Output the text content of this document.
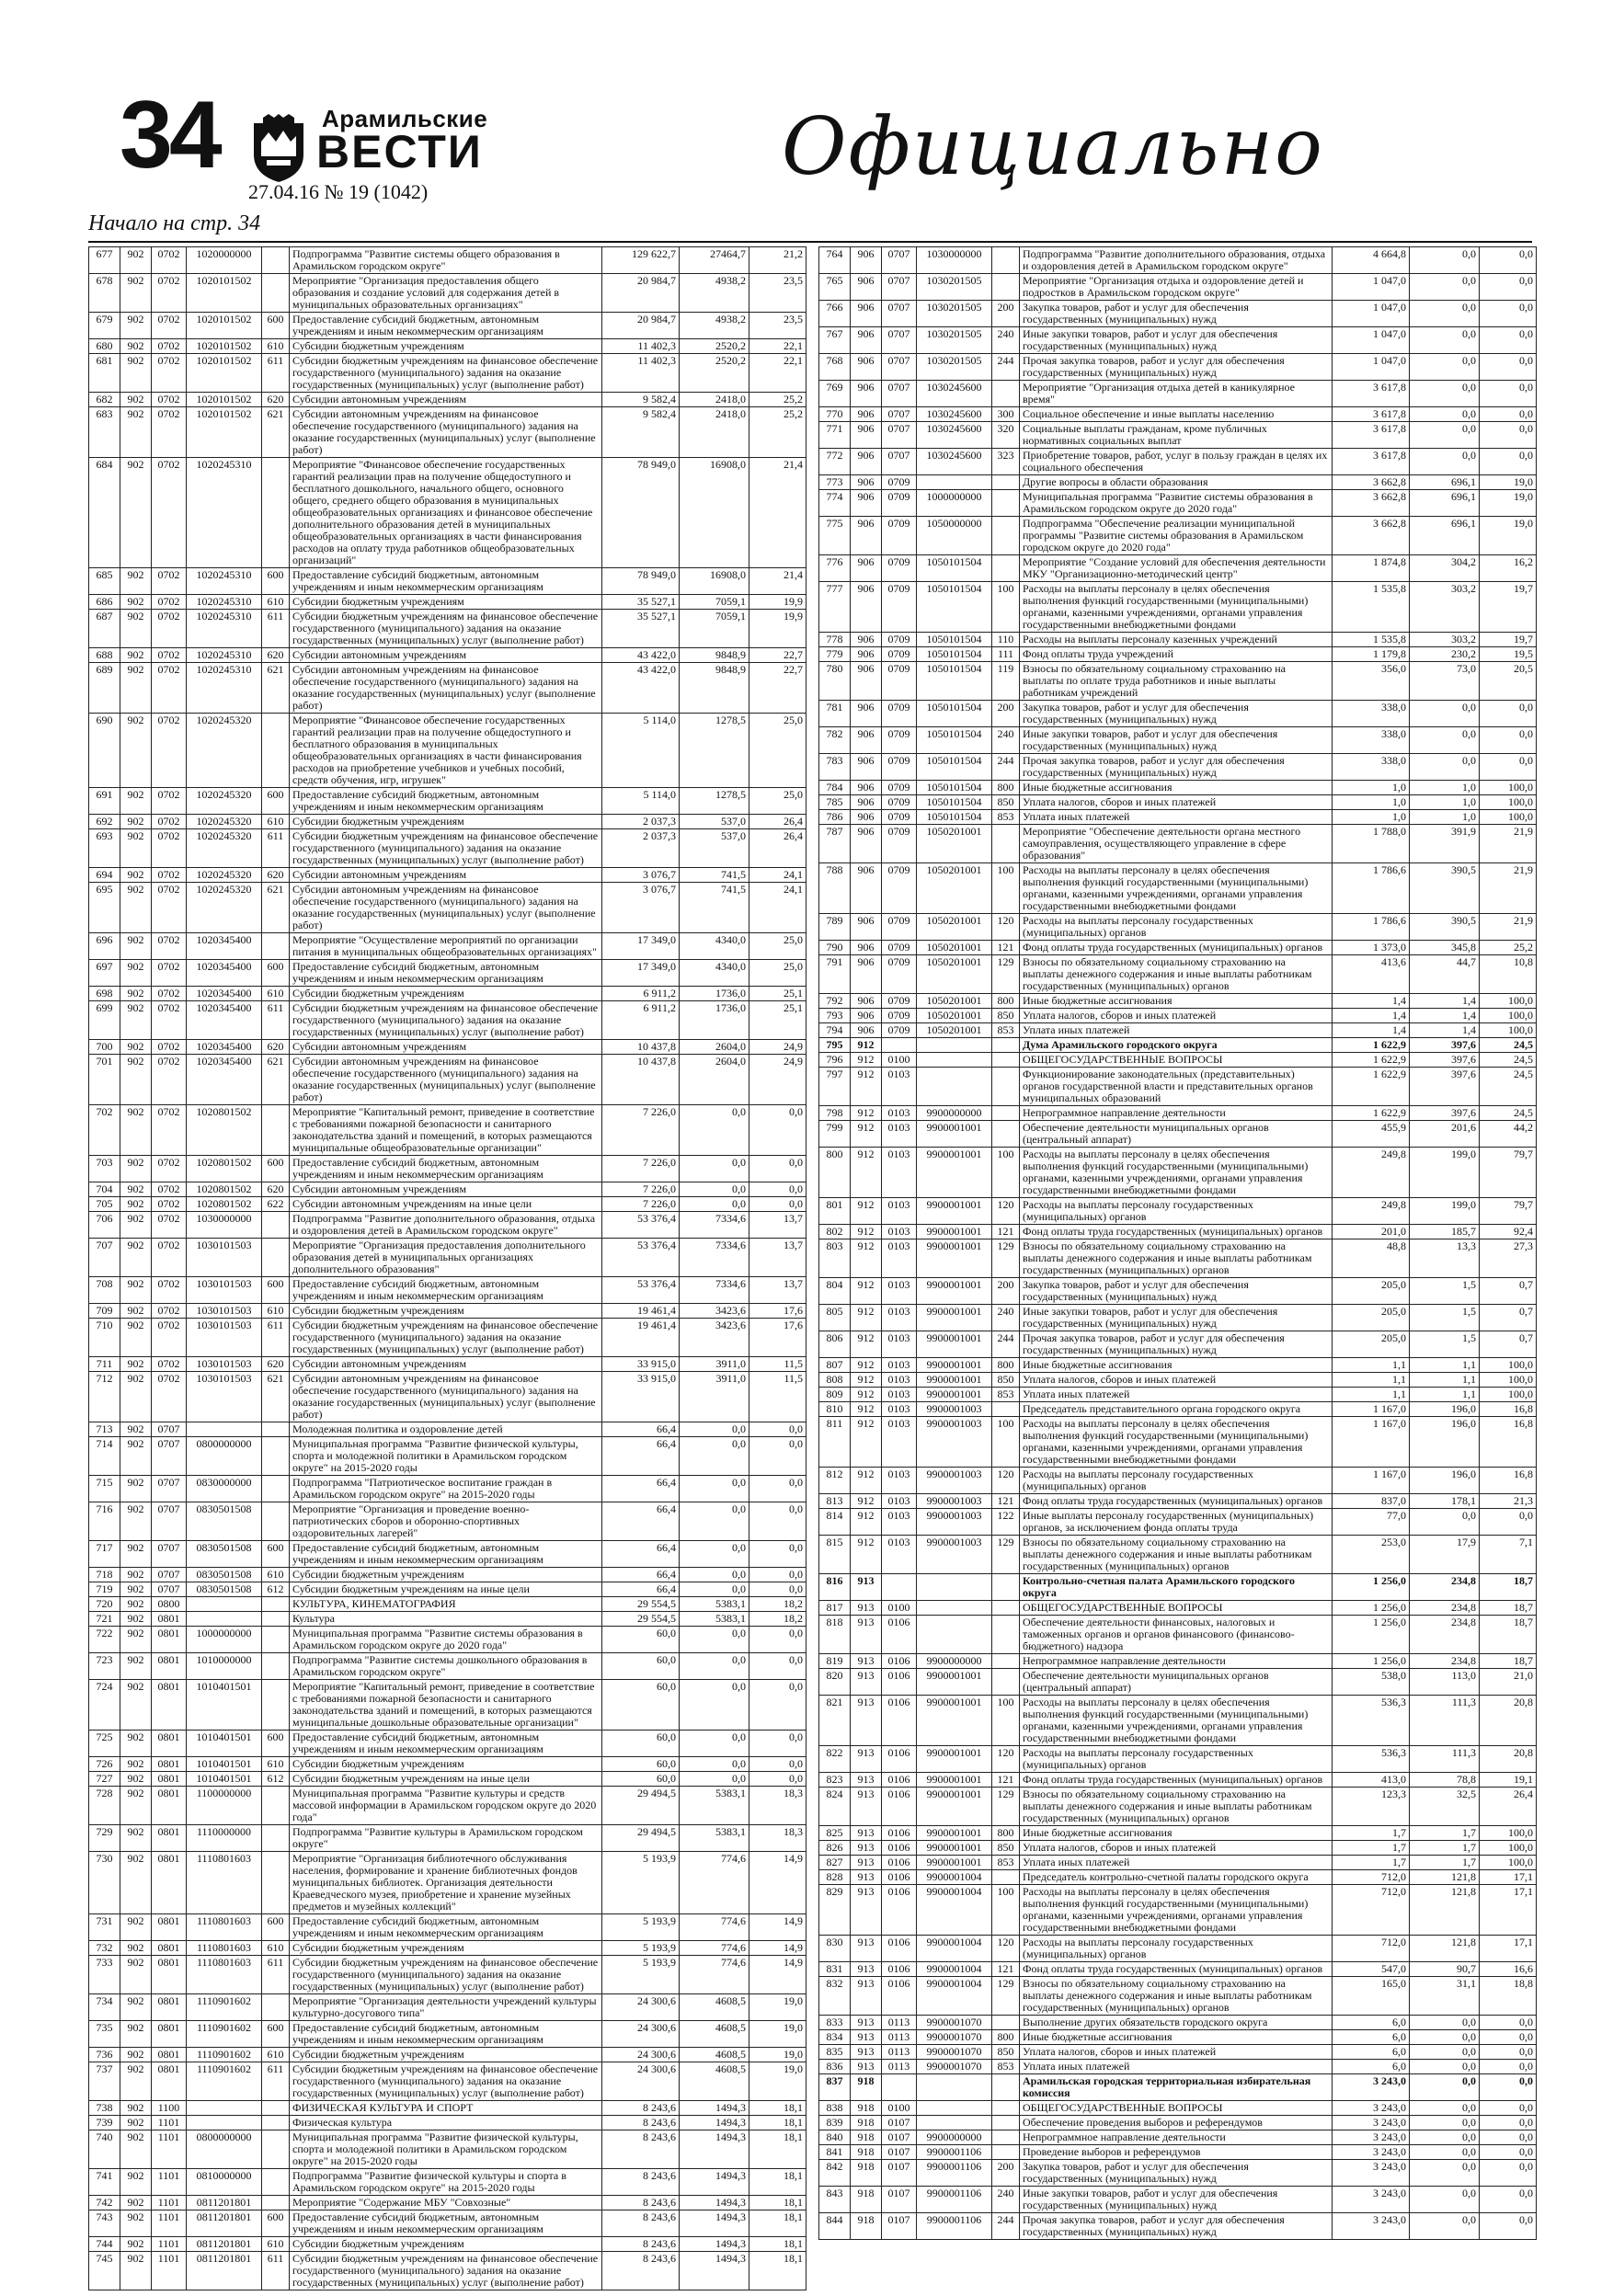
34	Арамильские
ВЕСТИ
27.04.16 № 19 (1042)	Официально
Начало на стр. 34
677	902	0702	1020000000		Подпрограмма "Развитие системы общего образования в Арамильском городском округе"	129 622,7	27464,7	21,2
678	902	0702	1020101502		Мероприятие "Организация предоставления общего образования и создание условий для содержания детей в муниципальных образовательных организациях"	20 984,7	4938,2	23,5
679	902	0702	1020101502	600	Предоставление субсидий бюджетным, автономным учреждениям и иным некоммерческим организациям	20 984,7	4938,2	23,5
680	902	0702	1020101502	610	Субсидии бюджетным учреждениям	11 402,3	2520,2	22,1
681	902	0702	1020101502	611	Субсидии бюджетным учреждениям на финансовое обеспечение государственного (муниципального) задания на оказание государственных (муниципальных) услуг (выполнение работ)	11 402,3	2520,2	22,1
682	902	0702	1020101502	620	Субсидии автономным учреждениям	9 582,4	2418,0	25,2
683	902	0702	1020101502	621	Субсидии автономным учреждениям на финансовое обеспечение государственного (муниципального) задания на оказание государственных (муниципальных) услуг (выполнение работ)	9 582,4	2418,0	25,2
684	902	0702	1020245310		Мероприятие "Финансовое обеспечение государственных гарантий реализации прав на получение общедоступного и бесплатного дошкольного, начального общего, основного общего, среднего общего образования в муниципальных общеобразовательных организациях и финансовое обеспечение дополнительного образования детей в муниципальных общеобразовательных организациях в части финансирования расходов на оплату труда работников общеобразовательных организаций"	78 949,0	16908,0	21,4
685	902	0702	1020245310	600	Предоставление субсидий бюджетным, автономным учреждениям и иным некоммерческим организациям	78 949,0	16908,0	21,4
686	902	0702	1020245310	610	Субсидии бюджетным учреждениям	35 527,1	7059,1	19,9
687	902	0702	1020245310	611	Субсидии бюджетным учреждениям на финансовое обеспечение государственного (муниципального) задания на оказание государственных (муниципальных) услуг (выполнение работ)	35 527,1	7059,1	19,9
688	902	0702	1020245310	620	Субсидии автономным учреждениям	43 422,0	9848,9	22,7
689	902	0702	1020245310	621	Субсидии автономным учреждениям на финансовое обеспечение государственного (муниципального) задания на оказание государственных (муниципальных) услуг (выполнение работ)	43 422,0	9848,9	22,7
690	902	0702	1020245320		Мероприятие "Финансовое обеспечение государственных гарантий реализации прав на получение общедоступного и бесплатного образования в муниципальных общеобразовательных организациях в части финансирования расходов на приобретение учебников и учебных пособий, средств обучения, игр, игрушек"	5 114,0	1278,5	25,0
691	902	0702	1020245320	600	Предоставление субсидий бюджетным, автономным учреждениям и иным некоммерческим организациям	5 114,0	1278,5	25,0
692	902	0702	1020245320	610	Субсидии бюджетным учреждениям	2 037,3	537,0	26,4
693	902	0702	1020245320	611	Субсидии бюджетным учреждениям на финансовое обеспечение государственного (муниципального) задания на оказание государственных (муниципальных) услуг (выполнение работ)	2 037,3	537,0	26,4
694	902	0702	1020245320	620	Субсидии автономным учреждениям	3 076,7	741,5	24,1
695	902	0702	1020245320	621	Субсидии автономным учреждениям на финансовое обеспечение государственного (муниципального) задания на оказание государственных (муниципальных) услуг (выполнение работ)	3 076,7	741,5	24,1
696	902	0702	1020345400		Мероприятие "Осуществление мероприятий по организации питания в муниципальных общеобразовательных организациях"	17 349,0	4340,0	25,0
697	902	0702	1020345400	600	Предоставление субсидий бюджетным, автономным учреждениям и иным некоммерческим организациям	17 349,0	4340,0	25,0
698	902	0702	1020345400	610	Субсидии бюджетным учреждениям	6 911,2	1736,0	25,1
699	902	0702	1020345400	611	Субсидии бюджетным учреждениям на финансовое обеспечение государственного (муниципального) задания на оказание государственных (муниципальных) услуг (выполнение работ)	6 911,2	1736,0	25,1
700	902	0702	1020345400	620	Субсидии автономным учреждениям	10 437,8	2604,0	24,9
701	902	0702	1020345400	621	Субсидии автономным учреждениям на финансовое обеспечение государственного (муниципального) задания на оказание государственных (муниципальных) услуг (выполнение работ)	10 437,8	2604,0	24,9
702	902	0702	1020801502		Мероприятие "Капитальный ремонт, приведение в соответствие с требованиями пожарной безопасности и санитарного законодательства зданий и помещений, в которых размещаются муниципальные общеобразовательные организации"	7 226,0	0,0	0,0
703	902	0702	1020801502	600	Предоставление субсидий бюджетным, автономным учреждениям и иным некоммерческим организациям	7 226,0	0,0	0,0
704	902	0702	1020801502	620	Субсидии автономным учреждениям	7 226,0	0,0	0,0
705	902	0702	1020801502	622	Субсидии автономным учреждениям на иные цели	7 226,0	0,0	0,0
706	902	0702	1030000000		Подпрограмма "Развитие дополнительного образования, отдыха и оздоровления детей в Арамильском городском округе"	53 376,4	7334,6	13,7
707	902	0702	1030101503		Мероприятие "Организация предоставления дополнительного образования детей в муниципальных организациях дополнительного образования"	53 376,4	7334,6	13,7
708	902	0702	1030101503	600	Предоставление субсидий бюджетным, автономным учреждениям и иным некоммерческим организациям	53 376,4	7334,6	13,7
709	902	0702	1030101503	610	Субсидии бюджетным учреждениям	19 461,4	3423,6	17,6
710	902	0702	1030101503	611	Субсидии бюджетным учреждениям на финансовое обеспечение государственного (муниципального) задания на оказание государственных (муниципальных) услуг (выполнение работ)	19 461,4	3423,6	17,6
711	902	0702	1030101503	620	Субсидии автономным учреждениям	33 915,0	3911,0	11,5
712	902	0702	1030101503	621	Субсидии автономным учреждениям на финансовое обеспечение государственного (муниципального) задания на оказание государственных (муниципальных) услуг (выполнение работ)	33 915,0	3911,0	11,5
713	902	0707			Молодежная политика и оздоровление детей	66,4	0,0	0,0
714	902	0707	0800000000		Муниципальная программа "Развитие физической культуры, спорта и молодежной политики в Арамильском городском округе" на 2015-2020 годы	66,4	0,0	0,0
715	902	0707	0830000000		Подпрограмма "Патриотическое воспитание граждан в Арамильском городском округе" на 2015-2020 годы	66,4	0,0	0,0
716	902	0707	0830501508		Мероприятие "Организация и проведение военно-патриотических сборов и оборонно-спортивных оздоровительных лагерей"	66,4	0,0	0,0
717	902	0707	0830501508	600	Предоставление субсидий бюджетным, автономным учреждениям и иным некоммерческим организациям	66,4	0,0	0,0
718	902	0707	0830501508	610	Субсидии бюджетным учреждениям	66,4	0,0	0,0
719	902	0707	0830501508	612	Субсидии бюджетным учреждениям на иные цели	66,4	0,0	0,0
720	902	0800			КУЛЬТУРА, КИНЕМАТОГРАФИЯ	29 554,5	5383,1	18,2
721	902	0801			Культура	29 554,5	5383,1	18,2
722	902	0801	1000000000		Муниципальная программа "Развитие системы образования в Арамильском городском округе до 2020 года"	60,0	0,0	0,0
723	902	0801	1010000000		Подпрограмма "Развитие системы дошкольного образования в Арамильском городском округе"	60,0	0,0	0,0
724	902	0801	1010401501		Мероприятие "Капитальный ремонт, приведение в соответствие с требованиями пожарной безопасности и санитарного законодательства зданий и помещений, в которых размещаются муниципальные дошкольные образовательные организации"	60,0	0,0	0,0
725	902	0801	1010401501	600	Предоставление субсидий бюджетным, автономным учреждениям и иным некоммерческим организациям	60,0	0,0	0,0
726	902	0801	1010401501	610	Субсидии бюджетным учреждениям	60,0	0,0	0,0
727	902	0801	1010401501	612	Субсидии бюджетным учреждениям на иные цели	60,0	0,0	0,0
728	902	0801	1100000000		Муниципальная программа "Развитие культуры и средств массовой информации в Арамильском городском округе до 2020 года"	29 494,5	5383,1	18,3
729	902	0801	1110000000		Подпрограмма "Развитие культуры в Арамильском городском округе"	29 494,5	5383,1	18,3
730	902	0801	1110801603		Мероприятие "Организация библиотечного обслуживания населения, формирование и хранение библиотечных фондов муниципальных библиотек. Организация деятельности Краеведческого музея, приобретение и хранение музейных предметов и музейных коллекций"	5 193,9	774,6	14,9
731	902	0801	1110801603	600	Предоставление субсидий бюджетным, автономным учреждениям и иным некоммерческим организациям	5 193,9	774,6	14,9
732	902	0801	1110801603	610	Субсидии бюджетным учреждениям	5 193,9	774,6	14,9
733	902	0801	1110801603	611	Субсидии бюджетным учреждениям на финансовое обеспечение государственного (муниципального) задания на оказание государственных (муниципальных) услуг (выполнение работ)	5 193,9	774,6	14,9
734	902	0801	1110901602		Мероприятие "Организация деятельности учреждений культуры культурно-досугового типа"	24 300,6	4608,5	19,0
735	902	0801	1110901602	600	Предоставление субсидий бюджетным, автономным учреждениям и иным некоммерческим организациям	24 300,6	4608,5	19,0
736	902	0801	1110901602	610	Субсидии бюджетным учреждениям	24 300,6	4608,5	19,0
737	902	0801	1110901602	611	Субсидии бюджетным учреждениям на финансовое обеспечение государственного (муниципального) задания на оказание государственных (муниципальных) услуг (выполнение работ)	24 300,6	4608,5	19,0
738	902	1100			ФИЗИЧЕСКАЯ КУЛЬТУРА И СПОРТ	8 243,6	1494,3	18,1
739	902	1101			Физическая культура	8 243,6	1494,3	18,1
740	902	1101	0800000000		Муниципальная программа "Развитие физической культуры, спорта и молодежной политики в Арамильском городском округе" на 2015-2020 годы	8 243,6	1494,3	18,1
741	902	1101	0810000000		Подпрограмма "Развитие физической культуры и спорта в Арамильском городском округе" на 2015-2020 годы	8 243,6	1494,3	18,1
742	902	1101	0811201801		Мероприятие "Содержание МБУ "Совхозные"	8 243,6	1494,3	18,1
743	902	1101	0811201801	600	Предоставление субсидий бюджетным, автономным учреждениям и иным некоммерческим организациям	8 243,6	1494,3	18,1
744	902	1101	0811201801	610	Субсидии бюджетным учреждениям	8 243,6	1494,3	18,1
745	902	1101	0811201801	611	Субсидии бюджетным учреждениям на финансовое обеспечение государственного (муниципального) задания на оказание государственных (муниципальных) услуг (выполнение работ)	8 243,6	1494,3	18,1
764	906	0707	1030000000		Подпрограмма "Развитие дополнительного образования, отдыха и оздоровления детей в Арамильском городском округе"	4 664,8	0,0	0,0
765	906	0707	1030201505		Мероприятие "Организация отдыха и оздоровление детей и подростков в Арамильском городском округе"	1 047,0	0,0	0,0
766	906	0707	1030201505	200	Закупка товаров, работ и услуг для обеспечения государственных (муниципальных) нужд	1 047,0	0,0	0,0
767	906	0707	1030201505	240	Иные закупки товаров, работ и услуг для обеспечения государственных (муниципальных) нужд	1 047,0	0,0	0,0
768	906	0707	1030201505	244	Прочая закупка товаров, работ и услуг для обеспечения государственных (муниципальных) нужд	1 047,0	0,0	0,0
769	906	0707	1030245600		Мероприятие "Организация отдыха детей в каникулярное время"	3 617,8	0,0	0,0
770	906	0707	1030245600	300	Социальное обеспечение и иные выплаты населению	3 617,8	0,0	0,0
771	906	0707	1030245600	320	Социальные выплаты гражданам, кроме публичных нормативных социальных выплат	3 617,8	0,0	0,0
772	906	0707	1030245600	323	Приобретение товаров, работ, услуг в пользу граждан в целях их социального обеспечения	3 617,8	0,0	0,0
773	906	0709			Другие вопросы в области образования	3 662,8	696,1	19,0
774	906	0709	1000000000		Муниципальная программа "Развитие системы образования в Арамильском городском округе до 2020 года"	3 662,8	696,1	19,0
775	906	0709	1050000000		Подпрограмма "Обеспечение реализации муниципальной программы "Развитие системы образования в Арамильском городском округе до 2020 года"	3 662,8	696,1	19,0
776	906	0709	1050101504		Мероприятие "Создание условий для обеспечения деятельности МКУ "Организационно-методический центр"	1 874,8	304,2	16,2
777	906	0709	1050101504	100	Расходы на выплаты персоналу в целях обеспечения выполнения функций государственными (муниципальными) органами, казенными учреждениями, органами управления государственными внебюджетными фондами	1 535,8	303,2	19,7
778	906	0709	1050101504	110	Расходы на выплаты персоналу казенных учреждений	1 535,8	303,2	19,7
779	906	0709	1050101504	111	Фонд оплаты труда учреждений	1 179,8	230,2	19,5
780	906	0709	1050101504	119	Взносы по обязательному социальному страхованию на выплаты по оплате труда работников и иные выплаты работникам учреждений	356,0	73,0	20,5
781	906	0709	1050101504	200	Закупка товаров, работ и услуг для обеспечения государственных (муниципальных) нужд	338,0	0,0	0,0
782	906	0709	1050101504	240	Иные закупки товаров, работ и услуг для обеспечения государственных (муниципальных) нужд	338,0	0,0	0,0
783	906	0709	1050101504	244	Прочая закупка товаров, работ и услуг для обеспечения государственных (муниципальных) нужд	338,0	0,0	0,0
784	906	0709	1050101504	800	Иные бюджетные ассигнования	1,0	1,0	100,0
785	906	0709	1050101504	850	Уплата налогов, сборов и иных платежей	1,0	1,0	100,0
786	906	0709	1050101504	853	Уплата иных платежей	1,0	1,0	100,0
787	906	0709	1050201001		Мероприятие "Обеспечение деятельности органа местного самоуправления, осуществляющего управление в сфере образования"	1 788,0	391,9	21,9
788	906	0709	1050201001	100	Расходы на выплаты персоналу в целях обеспечения выполнения функций государственными (муниципальными) органами, казенными учреждениями, органами управления государственными внебюджетными фондами	1 786,6	390,5	21,9
789	906	0709	1050201001	120	Расходы на выплаты персоналу государственных (муниципальных) органов	1 786,6	390,5	21,9
790	906	0709	1050201001	121	Фонд оплаты труда государственных (муниципальных) органов	1 373,0	345,8	25,2
791	906	0709	1050201001	129	Взносы по обязательному социальному страхованию на выплаты денежного содержания и иные выплаты работникам государственных (муниципальных) органов	413,6	44,7	10,8
792	906	0709	1050201001	800	Иные бюджетные ассигнования	1,4	1,4	100,0
793	906	0709	1050201001	850	Уплата налогов, сборов и иных платежей	1,4	1,4	100,0
794	906	0709	1050201001	853	Уплата иных платежей	1,4	1,4	100,0
795	912				Дума Арамильского городского округа	1 622,9	397,6	24,5
796	912	0100			ОБЩЕГОСУДАРСТВЕННЫЕ ВОПРОСЫ	1 622,9	397,6	24,5
797	912	0103			Функционирование законодательных (представительных) органов государственной власти и представительных органов муниципальных образований	1 622,9	397,6	24,5
798	912	0103	9900000000		Непрограммное направление деятельности	1 622,9	397,6	24,5
799	912	0103	9900001001		Обеспечение деятельности муниципальных органов (центральный аппарат)	455,9	201,6	44,2
800	912	0103	9900001001	100	Расходы на выплаты персоналу в целях обеспечения выполнения функций государственными (муниципальными) органами, казенными учреждениями, органами управления государственными внебюджетными фондами	249,8	199,0	79,7
801	912	0103	9900001001	120	Расходы на выплаты персоналу государственных (муниципальных) органов	249,8	199,0	79,7
802	912	0103	9900001001	121	Фонд оплаты труда государственных (муниципальных) органов	201,0	185,7	92,4
803	912	0103	9900001001	129	Взносы по обязательному социальному страхованию на выплаты денежного содержания и иные выплаты работникам государственных (муниципальных) органов	48,8	13,3	27,3
804	912	0103	9900001001	200	Закупка товаров, работ и услуг для обеспечения государственных (муниципальных) нужд	205,0	1,5	0,7
805	912	0103	9900001001	240	Иные закупки товаров, работ и услуг для обеспечения государственных (муниципальных) нужд	205,0	1,5	0,7
806	912	0103	9900001001	244	Прочая закупка товаров, работ и услуг для обеспечения государственных (муниципальных) нужд	205,0	1,5	0,7
807	912	0103	9900001001	800	Иные бюджетные ассигнования	1,1	1,1	100,0
808	912	0103	9900001001	850	Уплата налогов, сборов и иных платежей	1,1	1,1	100,0
809	912	0103	9900001001	853	Уплата иных платежей	1,1	1,1	100,0
810	912	0103	9900001003		Председатель представительного органа городского округа	1 167,0	196,0	16,8
811	912	0103	9900001003	100	Расходы на выплаты персоналу в целях обеспечения выполнения функций государственными (муниципальными) органами, казенными учреждениями, органами управления государственными внебюджетными фондами	1 167,0	196,0	16,8
812	912	0103	9900001003	120	Расходы на выплаты персоналу государственных (муниципальных) органов	1 167,0	196,0	16,8
813	912	0103	9900001003	121	Фонд оплаты труда государственных (муниципальных) органов	837,0	178,1	21,3
814	912	0103	9900001003	122	Иные выплаты персоналу государственных (муниципальных) органов, за исключением фонда оплаты труда	77,0	0,0	0,0
815	912	0103	9900001003	129	Взносы по обязательному социальному страхованию на выплаты денежного содержания и иные выплаты работникам государственных (муниципальных) органов	253,0	17,9	7,1
816	913				Контрольно-счетная палата Арамильского городского округа	1 256,0	234,8	18,7
817	913	0100			ОБЩЕГОСУДАРСТВЕННЫЕ ВОПРОСЫ	1 256,0	234,8	18,7
818	913	0106			Обеспечение деятельности финансовых, налоговых и таможенных органов и органов финансового (финансово-бюджетного) надзора	1 256,0	234,8	18,7
819	913	0106	9900000000		Непрограммное направление деятельности	1 256,0	234,8	18,7
820	913	0106	9900001001		Обеспечение деятельности муниципальных органов (центральный аппарат)	538,0	113,0	21,0
821	913	0106	9900001001	100	Расходы на выплаты персоналу в целях обеспечения выполнения функций государственными (муниципальными) органами, казенными учреждениями, органами управления государственными внебюджетными фондами	536,3	111,3	20,8
822	913	0106	9900001001	120	Расходы на выплаты персоналу государственных (муниципальных) органов	536,3	111,3	20,8
823	913	0106	9900001001	121	Фонд оплаты труда государственных (муниципальных) органов	413,0	78,8	19,1
824	913	0106	9900001001	129	Взносы по обязательному социальному страхованию на выплаты денежного содержания и иные выплаты работникам государственных (муниципальных) органов	123,3	32,5	26,4
825	913	0106	9900001001	800	Иные бюджетные ассигнования	1,7	1,7	100,0
826	913	0106	9900001001	850	Уплата налогов, сборов и иных платежей	1,7	1,7	100,0
827	913	0106	9900001001	853	Уплата иных платежей	1,7	1,7	100,0
828	913	0106	9900001004		Председатель контрольно-счетной палаты городского округа	712,0	121,8	17,1
829	913	0106	9900001004	100	Расходы на выплаты персоналу в целях обеспечения выполнения функций государственными (муниципальными) органами, казенными учреждениями, органами управления государственными внебюджетными фондами	712,0	121,8	17,1
830	913	0106	9900001004	120	Расходы на выплаты персоналу государственных (муниципальных) органов	712,0	121,8	17,1
831	913	0106	9900001004	121	Фонд оплаты труда государственных (муниципальных) органов	547,0	90,7	16,6
832	913	0106	9900001004	129	Взносы по обязательному социальному страхованию на выплаты денежного содержания и иные выплаты работникам государственных (муниципальных) органов	165,0	31,1	18,8
833	913	0113	9900001070		Выполнение других обязательств городского округа	6,0	0,0	0,0
834	913	0113	9900001070	800	Иные бюджетные ассигнования	6,0	0,0	0,0
835	913	0113	9900001070	850	Уплата налогов, сборов и иных платежей	6,0	0,0	0,0
836	913	0113	9900001070	853	Уплата иных платежей	6,0	0,0	0,0
837	918				Арамильская городская территориальная избирательная комиссия	3 243,0	0,0	0,0
838	918	0100			ОБЩЕГОСУДАРСТВЕННЫЕ ВОПРОСЫ	3 243,0	0,0	0,0
839	918	0107			Обеспечение проведения выборов и референдумов	3 243,0	0,0	0,0
840	918	0107	9900000000		Непрограммное направление деятельности	3 243,0	0,0	0,0
841	918	0107	9900001106		Проведение выборов и референдумов	3 243,0	0,0	0,0
842	918	0107	9900001106	200	Закупка товаров, работ и услуг для обеспечения государственных (муниципальных) нужд	3 243,0	0,0	0,0
843	918	0107	9900001106	240	Иные закупки товаров, работ и услуг для обеспечения государственных (муниципальных) нужд	3 243,0	0,0	0,0
844	918	0107	9900001106	244	Прочая закупка товаров, работ и услуг для обеспечения государственных (муниципальных) нужд	3 243,0	0,0	0,0
